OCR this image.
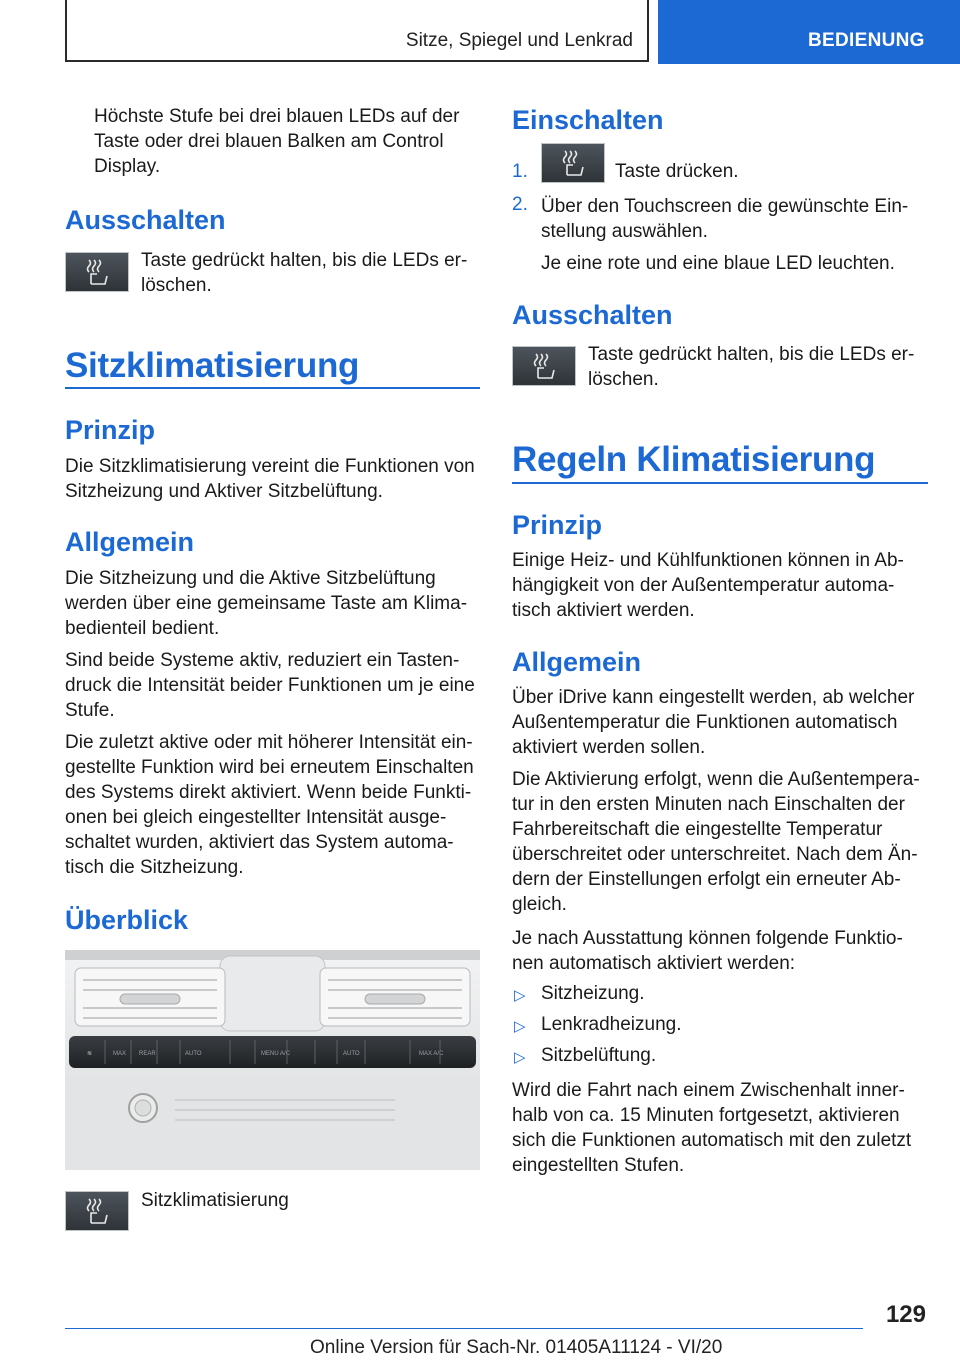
Sitze, Spiegel und Lenkrad	BEDIENUNG

Höchste Stufe bei drei blauen LEDs auf der Taste oder drei blauen Balken am Control Display.

Ausschalten

Taste gedrückt halten, bis die LEDs er-löschen.

Sitzklimatisierung
Prinzip

Die Sitzklimatisierung vereint die Funktionen von Sitzheizung und Aktiver Sitzbelüftung.

Allgemein

Die Sitzheizung und die Aktive Sitzbelüftung werden über eine gemeinsame Taste am Klima-bedienteil bedient.

Sind beide Systeme aktiv, reduziert ein Tasten-druck die Intensität beider Funktionen um je eine Stufe.

Die zuletzt aktive oder mit höherer Intensität ein-gestellte Funktion wird bei erneutem Einschalten des Systems direkt aktiviert. Wenn beide Funkti-onen bei gleich eingestellter Intensität ausge-schaltet wurden, aktiviert das System automa-tisch die Sitzheizung.

Überblick
≋	MAX REAR	AUTO	MENU A/C	AUTO	MAX A/C

Sitzklimatisierung

Einschalten
1.	Taste drücken.
2. Über den Touchscreen die gewünschte Ein-stellung auswählen.

Je eine rote und eine blaue LED leuchten.

Ausschalten

Taste gedrückt halten, bis die LEDs er-löschen.

Regeln Klimatisierung
Prinzip

Einige Heiz- und Kühlfunktionen können in Ab-hängigkeit von der Außentemperatur automa-tisch aktiviert werden.

Allgemein

Über iDrive kann eingestellt werden, ab welcher Außentemperatur die Funktionen automatisch aktiviert werden sollen.

Die Aktivierung erfolgt, wenn die Außentempera-tur in den ersten Minuten nach Einschalten der Fahrbereitschaft die eingestellte Temperatur überschreitet oder unterschreitet. Nach dem Än-dern der Einstellungen erfolgt ein erneuter Ab-gleich.

Je nach Ausstattung können folgende Funktio-nen automatisch aktiviert werden:

▷ Sitzheizung.
▷ Lenkradheizung.
▷ Sitzbelüftung.

Wird die Fahrt nach einem Zwischenhalt inner-halb von ca. 15 Minuten fortgesetzt, aktivieren sich die Funktionen automatisch mit den zuletzt eingestellten Stufen.

129
Online Version für Sach-Nr. 01405A11124 - VI/20
